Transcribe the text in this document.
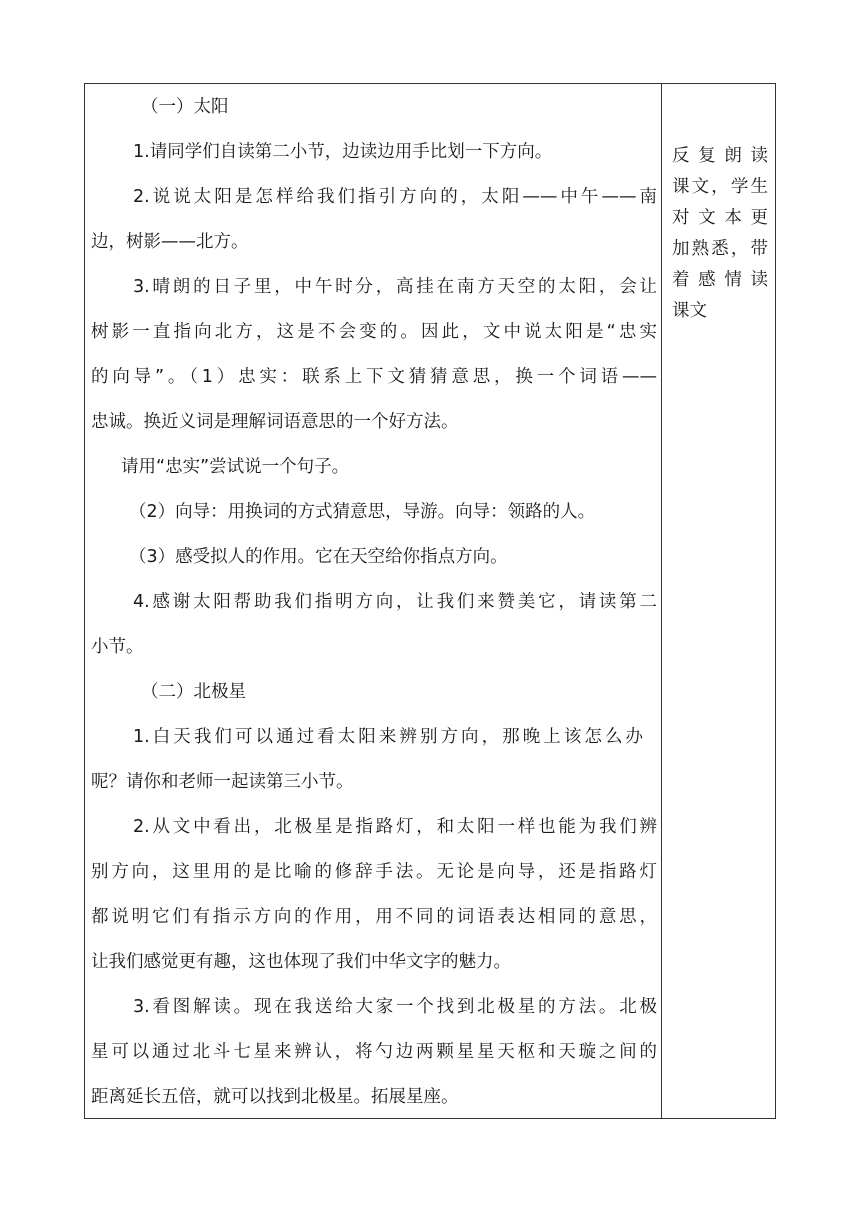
（一）太阳
1.请同学们自读第二小节，边读边用手比划一下方向。
2.说说太阳是怎样给我们指引方向的，太阳——中午——南
边，树影——北方。
3.晴朗的日子里，中午时分，高挂在南方天空的太阳，会让
树影一直指向北方，这是不会变的。因此，文中说太阳是“忠实
的向导”。（1）忠实：联系上下文猜猜意思，换一个词语——
忠诚。换近义词是理解词语意思的一个好方法。
请用“忠实”尝试说一个句子。
（2）向导：用换词的方式猜意思，导游。向导：领路的人。
（3）感受拟人的作用。它在天空给你指点方向。
4.感谢太阳帮助我们指明方向，让我们来赞美它，请读第二
小节。
（二）北极星
1.白天我们可以通过看太阳来辨别方向，那晚上该怎么办
呢？请你和老师一起读第三小节。
2.从文中看出，北极星是指路灯，和太阳一样也能为我们辨
别方向，这里用的是比喻的修辞手法。无论是向导，还是指路灯
都说明它们有指示方向的作用，用不同的词语表达相同的意思，
让我们感觉更有趣，这也体现了我们中华文字的魅力。
3.看图解读。现在我送给大家一个找到北极星的方法。北极
星可以通过北斗七星来辨认，将勺边两颗星星天枢和天璇之间的
距离延长五倍，就可以找到北极星。拓展星座。
反复朗读
课文，学生
对文本更
加熟悉，带
着感情读
课文
